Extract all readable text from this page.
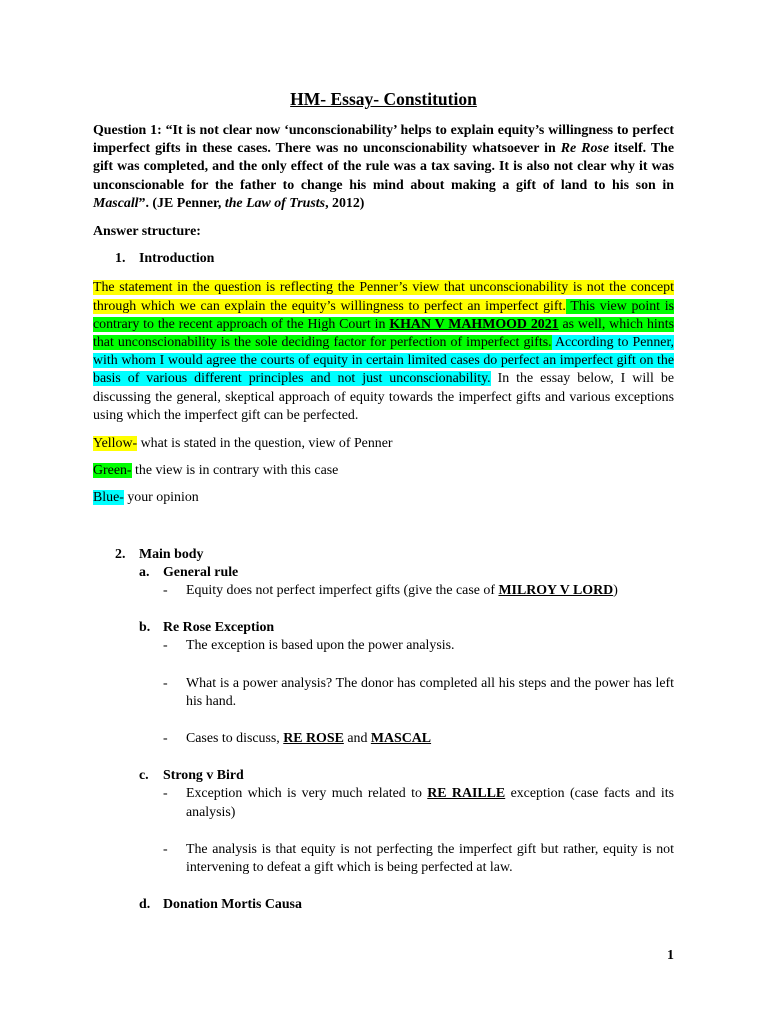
HM- Essay- Constitution

Question 1: “It is not clear now ‘unconscionability’ helps to explain equity’s willingness to perfect imperfect gifts in these cases. There was no unconscionability whatsoever in Re Rose itself. The gift was completed, and the only effect of the rule was a tax saving. It is also not clear why it was unconscionable for the father to change his mind about making a gift of land to his son in Mascall”. (JE Penner, the Law of Trusts, 2012)

Answer structure:

1. Introduction

The statement in the question is reflecting the Penner’s view that unconscionability is not the concept through which we can explain the equity’s willingness to perfect an imperfect gift. This view point is contrary to the recent approach of the High Court in KHAN V MAHMOOD 2021 as well, which hints that unconscionability is the sole deciding factor for perfection of imperfect gifts. According to Penner, with whom I would agree the courts of equity in certain limited cases do perfect an imperfect gift on the basis of various different principles and not just unconscionability. In the essay below, I will be discussing the general, skeptical approach of equity towards the imperfect gifts and various exceptions using which the imperfect gift can be perfected.

Yellow- what is stated in the question, view of Penner

Green- the view is in contrary with this case

Blue- your opinion

2. Main body
a. General rule
-	Equity does not perfect imperfect gifts (give the case of MILROY V LORD)
b. Re Rose Exception
-	The exception is based upon the power analysis.
-	What is a power analysis? The donor has completed all his steps and the power has left his hand.
-	Cases to discuss, RE ROSE and MASCAL
c.	Strong v Bird
-	Exception which is very much related to RE RAILLE exception (case facts and its analysis)
-	The analysis is that equity is not perfecting the imperfect gift but rather, equity is not intervening to defeat a gift which is being perfected at law.
d. Donation Mortis Causa
1
